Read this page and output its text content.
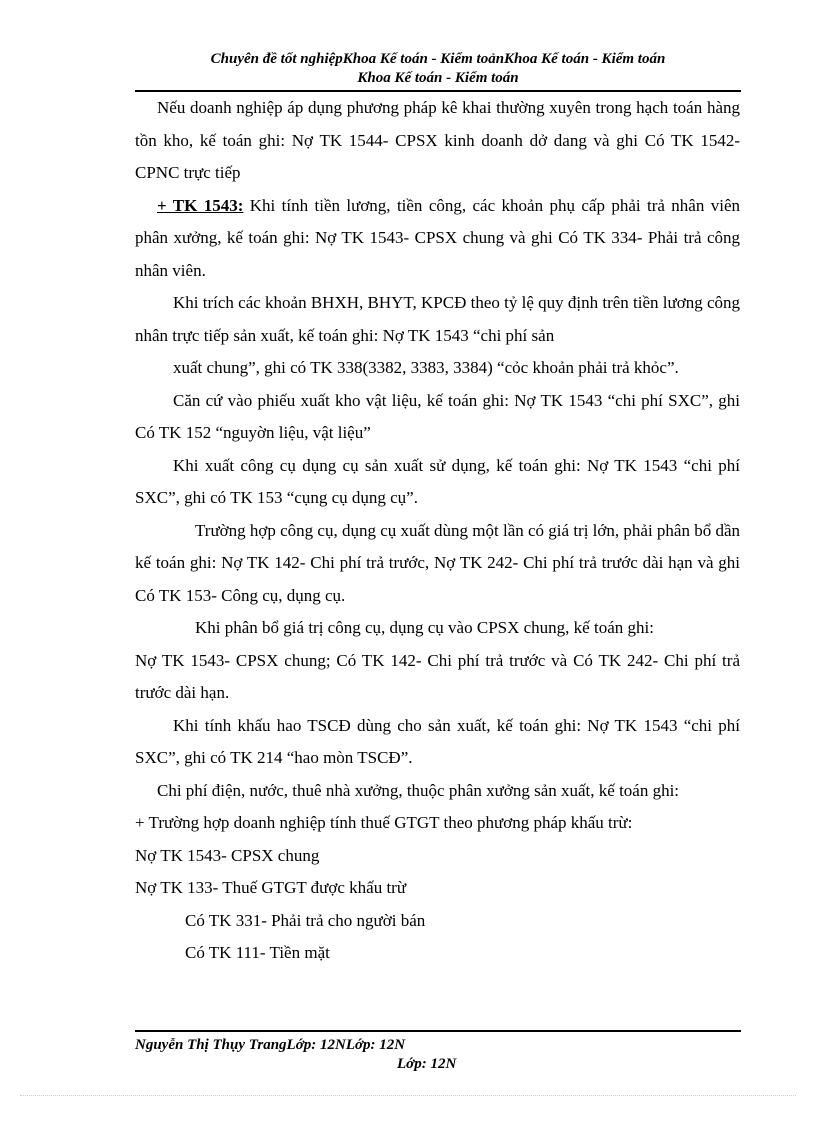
Chuyên đề tốt nghiệpKhoa Kế toán - Kiểm toảnKhoa Kế toán - Kiểm toán
Khoa Kế toán - Kiểm toán

Nếu doanh nghiệp áp dụng phương pháp kê khai thường xuyên trong hạch toán hàng tồn kho, kế toán ghi: Nợ TK 1544- CPSX kinh doanh dở dang và ghi Có TK 1542- CPNC trực tiếp

+ TK 1543: Khi tính tiền lương, tiền công, các khoản phụ cấp phải trả nhân viên phân xưởng, kế toán ghi: Nợ TK 1543- CPSX chung và ghi Có TK 334- Phải trả công nhân viên.

Khi trích các khoản BHXH, BHYT, KPCĐ theo tỷ lệ quy định trên tiền lương công nhân trực tiếp sản xuất, kế toán ghi: Nợ TK 1543 “chi phí sản

xuất chung”, ghi có TK 338(3382, 3383, 3384) “cỏc khoản phải trả khỏc”.

Căn cứ vào phiếu xuất kho vật liệu, kế toán ghi: Nợ TK 1543 “chi phí SXC”, ghi Có TK 152 “nguyờn liệu, vật liệu”

Khi xuất công cụ dụng cụ sản xuất sử dụng, kế toán ghi: Nợ TK 1543 “chi phí SXC”, ghi có TK 153 “cụng cụ dụng cụ”.

Trường hợp công cụ, dụng cụ xuất dùng một lần có giá trị lớn, phải phân bổ dần kế toán ghi: Nợ TK 142- Chi phí trả trước, Nợ TK 242- Chi phí trả trước dài hạn và ghi Có TK 153- Công cụ, dụng cụ.

Khi phân bổ giá trị công cụ, dụng cụ vào CPSX chung, kế toán ghi:

Nợ TK 1543- CPSX chung; Có TK 142- Chi phí trả trước và Có TK 242- Chi phí trả trước dài hạn.

Khi tính khấu hao TSCĐ dùng cho sản xuất, kế toán ghi: Nợ TK 1543 “chi phí SXC”, ghi có TK 214 “hao mòn TSCĐ”.

Chi phí điện, nước, thuê nhà xưởng, thuộc phân xưởng sản xuất, kế toán ghi:

+ Trường hợp doanh nghiệp tính thuế GTGT theo phương pháp khấu trừ:

Nợ TK 1543- CPSX chung

Nợ TK 133- Thuế GTGT được khấu trừ

Có TK 331- Phải trả cho người bán

Có TK 111- Tiền mặt

Nguyễn Thị Thụy TrangLớp: 12NLớp: 12N

Lớp: 12N
